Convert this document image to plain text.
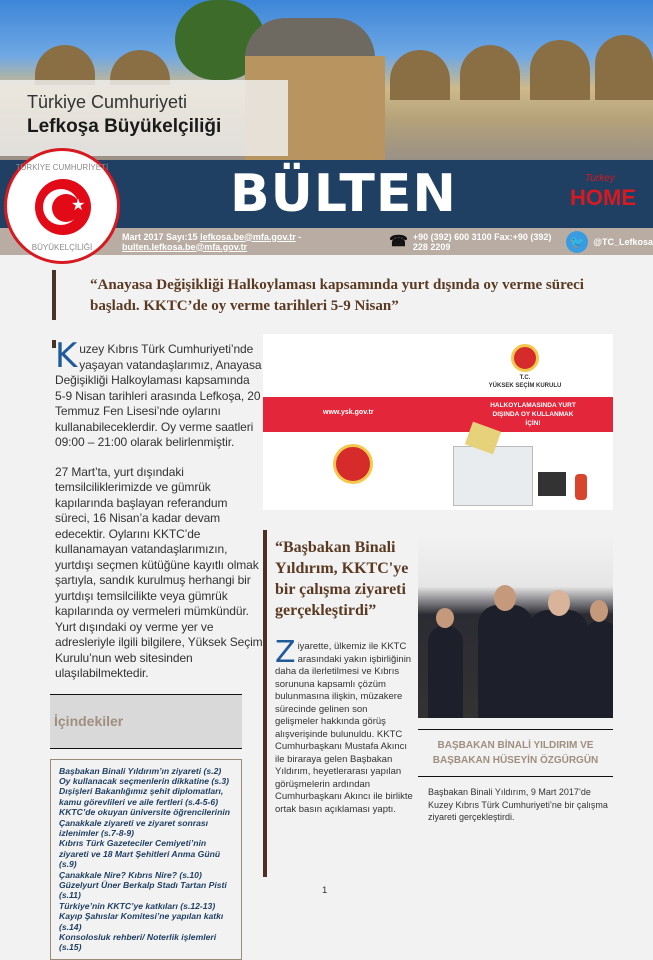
Türkiye Cumhuriyeti
Lefkoşa Büyükelçiliği
BÜLTEN	Turkey
HOME
TÜRKİYE CUMHURİYETİ
★
BÜYÜKELÇİLİĞİ
Mart 2017 Sayı:15 lefkosa.be@mfa.gov.tr - bulten.lefkosa.be@mfa.gov.tr	☎ +90 (392) 600 3100 Fax:+90 (392) 228 2209	🐦 @TC_Lefkosa
“Anayasa Değişikliği Halkoylaması kapsamında yurt dışında oy verme süreci başladı. KKTC’de oy verme tarihleri 5-9 Nisan”

Kuzey Kıbrıs Türk Cumhuriyeti’nde yaşayan vatandaşlarımız, Anayasa Değişikliği Halkoylaması kapsamında 5-9 Nisan tarihleri arasında Lefkoşa, 20 Temmuz Fen Lisesi’nde oylarını kullanabileceklerdir. Oy verme saatleri 09:00 – 21:00 olarak belirlenmiştir.

27 Mart’ta, yurt dışındaki temsilciliklerimizde ve gümrük kapılarında başlayan referandum süreci, 16 Nisan’a kadar devam edecektir. Oylarını KKTC’de kullanamayan vatandaşlarımızın, yurtdışı seçmen kütüğüne kayıtlı olmak şartıyla, sandık kurulmuş herhangi bir yurtdışı temsilcilikte veya gümrük kapılarında oy vermeleri mümkündür. Yurt dışındaki oy verme yer ve adresleriyle ilgili bilgilere, Yüksek Seçim Kurulu’nun web sitesinden ulaşılabilmektedir.

İçindekiler
Başbakan Binali Yıldırım’ın ziyareti (s.2)
Oy kullanacak seçmenlerin dikkatine (s.3)
Dışişleri Bakanlığımız şehit diplomatları, kamu görevlileri ve aile fertleri (s.4-5-6)
KKTC’de okuyan üniversite öğrencilerinin Çanakkale ziyareti ve ziyaret sonrası izlenimler (s.7-8-9)
Kıbrıs Türk Gazeteciler Cemiyeti’nin ziyareti ve 18 Mart Şehitleri Anma Günü (s.9)
Çanakkale Nire? Kıbrıs Nire? (s.10)
Güzelyurt Üner Berkalp Stadı Tartan Pisti (s.11)
Türkiye’nin KKTC’ye katkıları (s.12-13)
Kayıp Şahıslar Komitesi’ne yapılan katkı (s.14)
Konsolosluk rehberi/ Noterlik işlemleri (s.15)
T.C.
YÜKSEK SEÇİM KURULU
www.ysk.gov.tr
HALKOYLAMASINDA YURT DIŞINDA OY KULLANMAK İÇİN!
“Başbakan Binali Yıldırım, KKTC'ye bir çalışma ziyareti gerçekleştirdi”
Ziyarette, ülkemiz ile KKTC arasındaki yakın işbirliğinin daha da ilerletilmesi ve Kıbrıs sorununa kapsamlı çözüm bulunmasına ilişkin, müzakere sürecinde gelinen son gelişmeler hakkında görüş alışverişinde bulunuldu. KKTC Cumhurbaşkanı Mustafa Akıncı ile biraraya gelen Başbakan Yıldırım, heyetlerarası yapılan görüşmelerin ardından Cumhurbaşkanı Akıncı ile birlikte ortak basın açıklaması yaptı.
BAŞBAKAN BİNALİ YILDIRIM VE BAŞBAKAN HÜSEYİN ÖZGÜRGÜN
Başbakan Binali Yıldırım, 9 Mart 2017’de Kuzey Kıbrıs Türk Cumhuriyeti’ne bir çalışma ziyareti gerçekleştirdi.
1
